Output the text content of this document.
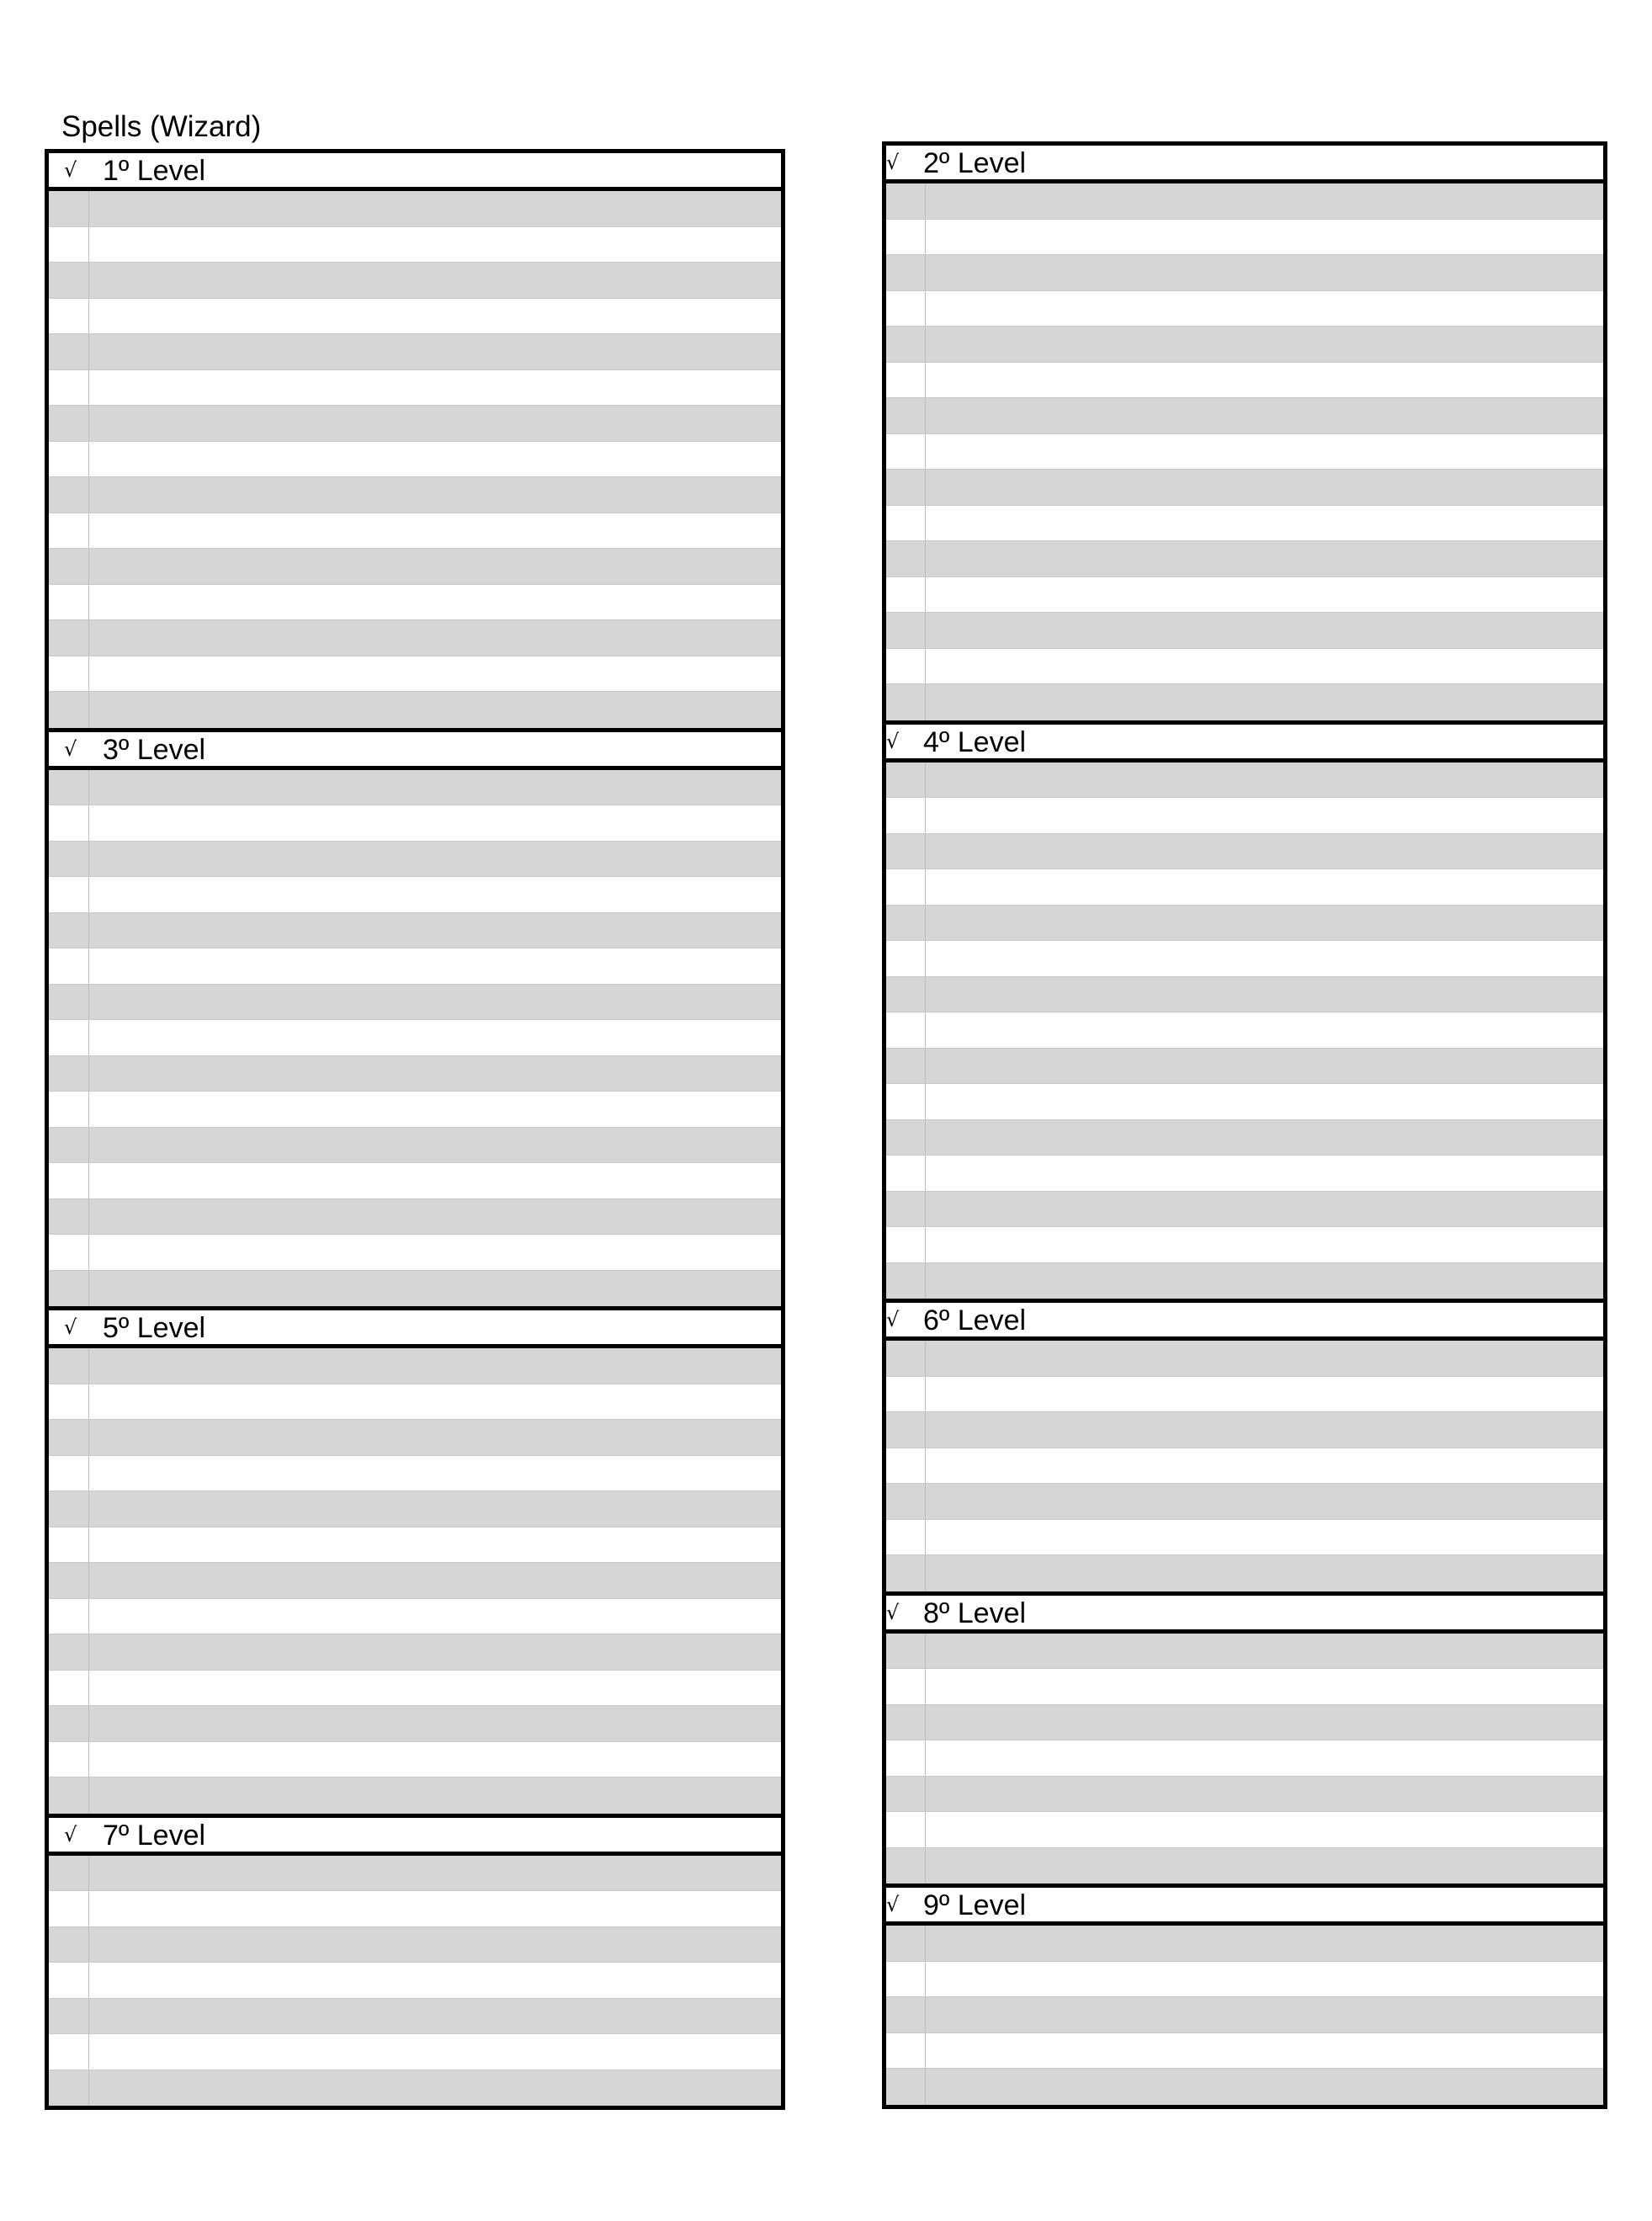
Spells (Wizard)
√ 1º Level
√ 3º Level
√ 5º Level
√ 7º Level
√ 2º Level
√ 4º Level
√ 6º Level
√ 8º Level
√ 9º Level
